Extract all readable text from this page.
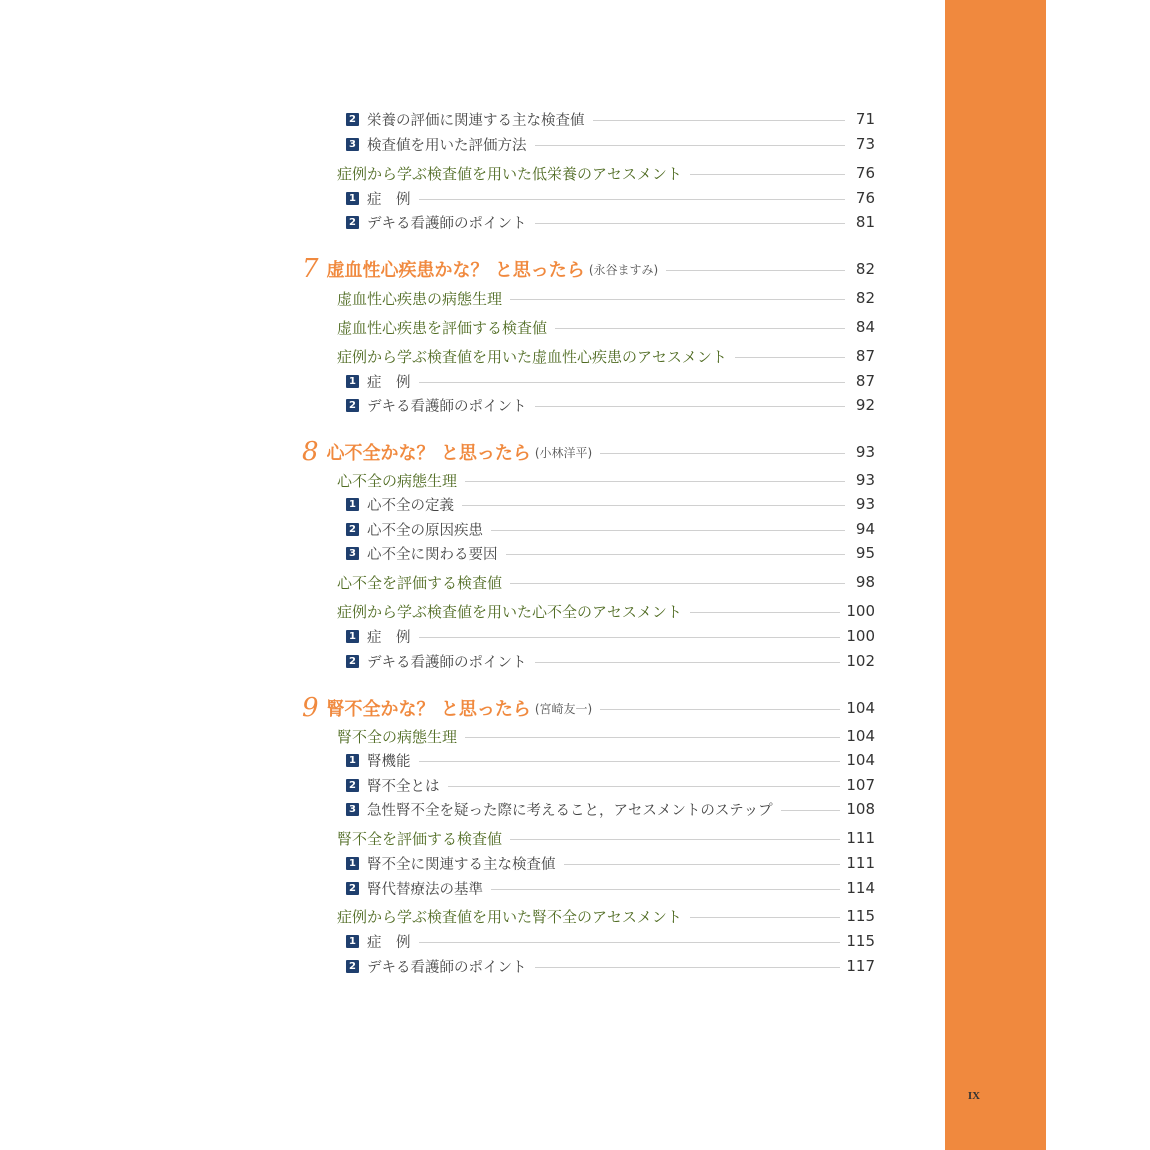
2 栄養の評価に関連する主な検査値	71
3 検査値を用いた評価方法	73
症例から学ぶ検査値を用いた低栄養のアセスメント	76
1 症　例	76
2 デキる看護師のポイント	81
7 虚血性心疾患かな？ と思ったら (永谷ますみ)	82
虚血性心疾患の病態生理	82
虚血性心疾患を評価する検査値	84
症例から学ぶ検査値を用いた虚血性心疾患のアセスメント	87
1 症　例	87
2 デキる看護師のポイント	92
8 心不全かな？ と思ったら (小林洋平)	93
心不全の病態生理	93
1 心不全の定義	93
2 心不全の原因疾患	94
3 心不全に関わる要因	95
心不全を評価する検査値	98
症例から学ぶ検査値を用いた心不全のアセスメント	100
1 症　例	100
2 デキる看護師のポイント	102
9 腎不全かな？ と思ったら (宮崎友一)	104
腎不全の病態生理	104
1 腎機能	104
2 腎不全とは	107
3 急性腎不全を疑った際に考えること，アセスメントのステップ	108
腎不全を評価する検査値	111
1 腎不全に関連する主な検査値	111
2 腎代替療法の基準	114
症例から学ぶ検査値を用いた腎不全のアセスメント	115
1 症　例	115
2 デキる看護師のポイント	117
IX
